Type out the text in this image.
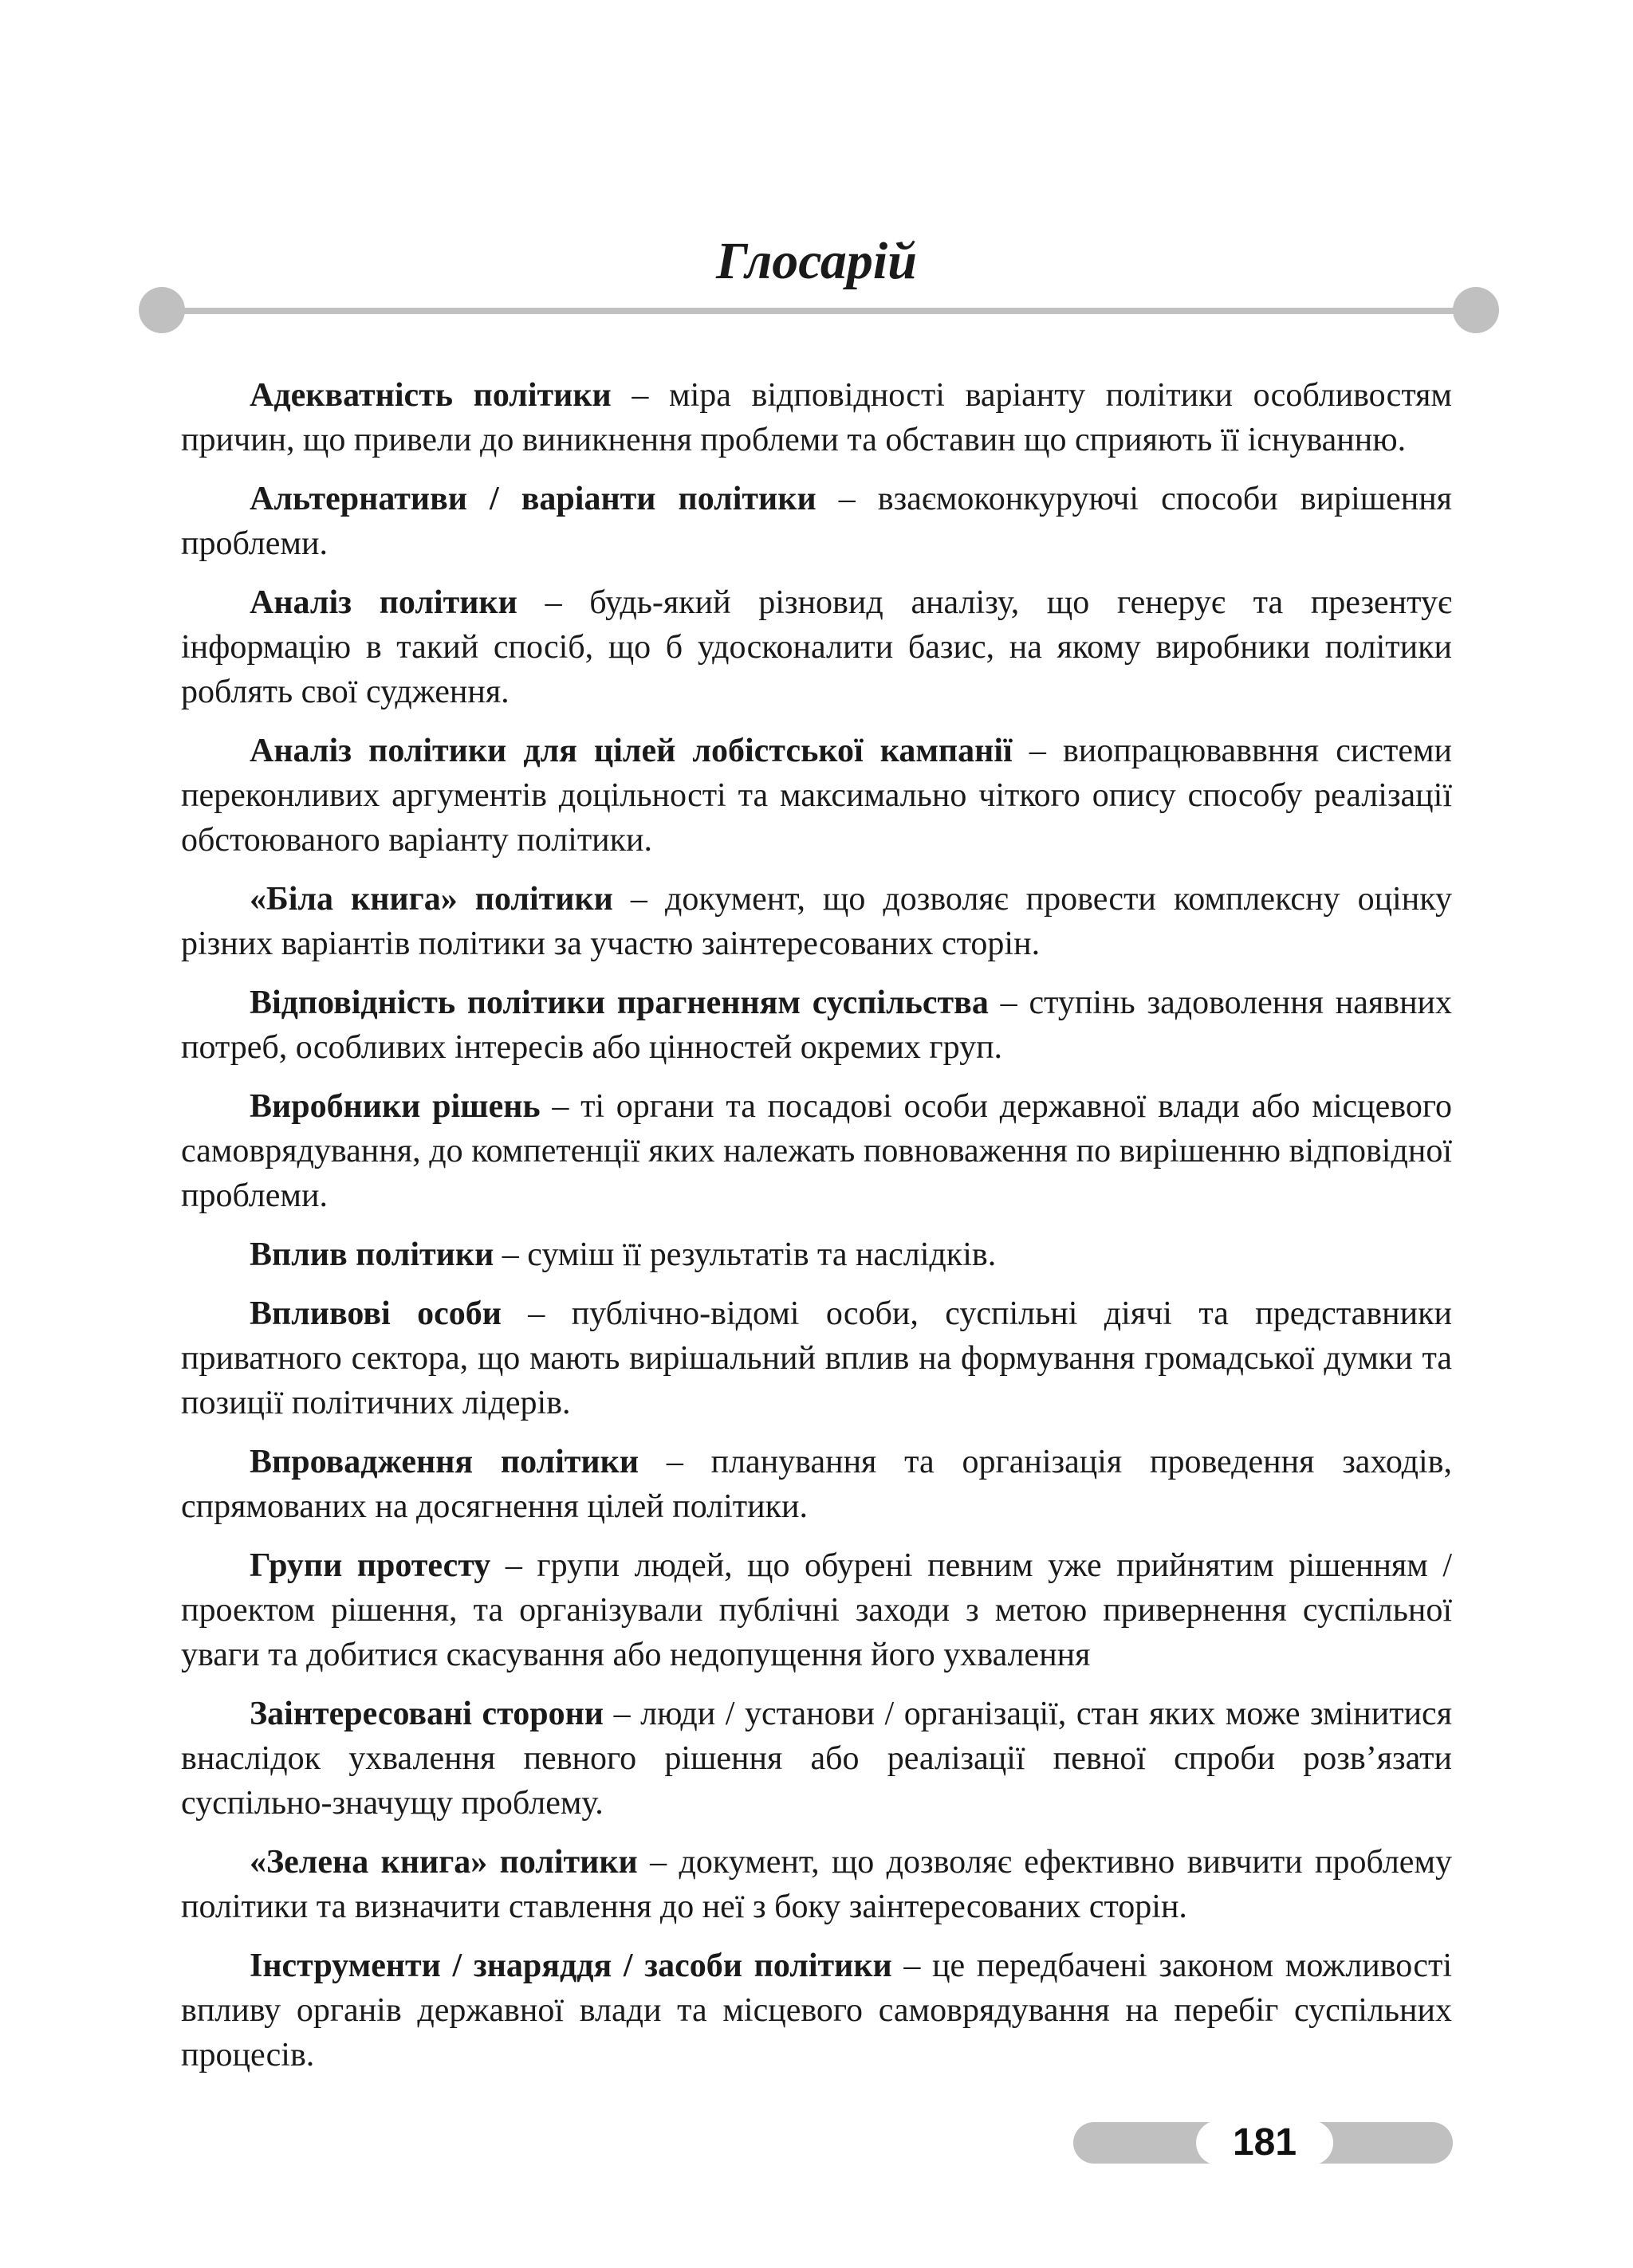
Глосарій

Адекватність політики – міра відповідності варіанту політики особливостям причин, що привели до виникнення проблеми та обставин що сприяють її існуванню.

Альтернативи / варіанти політики – взаємоконкуруючі способи вирішення проблеми.

Аналіз політики – будь-який різновид аналізу, що генерує та презентує інформацію в такий спосіб, що б удосконалити базис, на якому виробники політики роблять свої судження.

Аналіз політики для цілей лобістської кампанії – виопрацюваввння системи переконливих аргументів доцільності та максимально чіткого опису способу реалізації обстоюваного варіанту політики.

«Біла книга» політики – документ, що дозволяє провести комплексну оцінку різних варіантів політики за участю заінтересованих сторін.

Відповідність політики прагненням суспільства – ступінь задоволення наявних потреб, особливих інтересів або цінностей окремих груп.

Виробники рішень – ті органи та посадові особи державної влади або місцевого самоврядування, до компетенції яких належать повноваження по вирішенню відповідної проблеми.

Вплив політики – суміш її результатів та наслідків.

Впливові особи – публічно-відомі особи, суспільні діячі та представники приватного сектора, що мають вирішальний вплив на формування громадської думки та позиції політичних лідерів.

Впровадження політики – планування та організація проведення заходів, спрямованих на досягнення цілей політики.

Групи протесту – групи людей, що обурені певним уже прийнятим рішенням / проектом рішення, та організували публічні заходи з метою привернення суспільної уваги та добитися скасування або недопущення його ухвалення

Заінтересовані сторони – люди / установи / організації, стан яких може змінитися внаслідок ухвалення певного рішення або реалізації певної спроби розв’язати суспільно-значущу проблему.

«Зелена книга» політики – документ, що дозволяє ефективно вивчити проблему політики та визначити ставлення до неї з боку заінтересованих сторін.

Інструменти / знаряддя / засоби політики – це передбачені законом можливості впливу органів державної влади та місцевого самоврядування на перебіг суспільних процесів.

181
